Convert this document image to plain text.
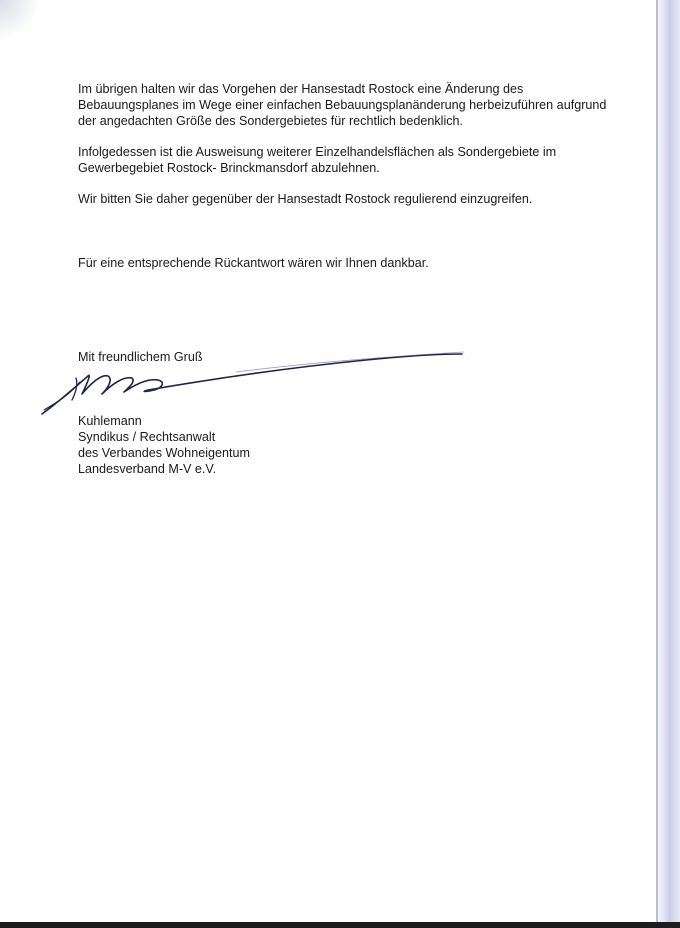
Im übrigen halten wir das Vorgehen der Hansestadt Rostock eine Änderung des
Bebauungsplanes im Wege einer einfachen Bebauungsplanänderung herbeizuführen aufgrund
der angedachten Größe des Sondergebietes für rechtlich bedenklich.

Infolgedessen ist die Ausweisung weiterer Einzelhandelsflächen als Sondergebiete im
Gewerbegebiet Rostock- Brinckmansdorf abzulehnen.

Wir bitten Sie daher gegenüber der Hansestadt Rostock regulierend einzugreifen.

Für eine entsprechende Rückantwort wären wir Ihnen dankbar.

Mit freundlichem Gruß

Kuhlemann
Syndikus / Rechtsanwalt
des Verbandes Wohneigentum
Landesverband M-V e.V.
